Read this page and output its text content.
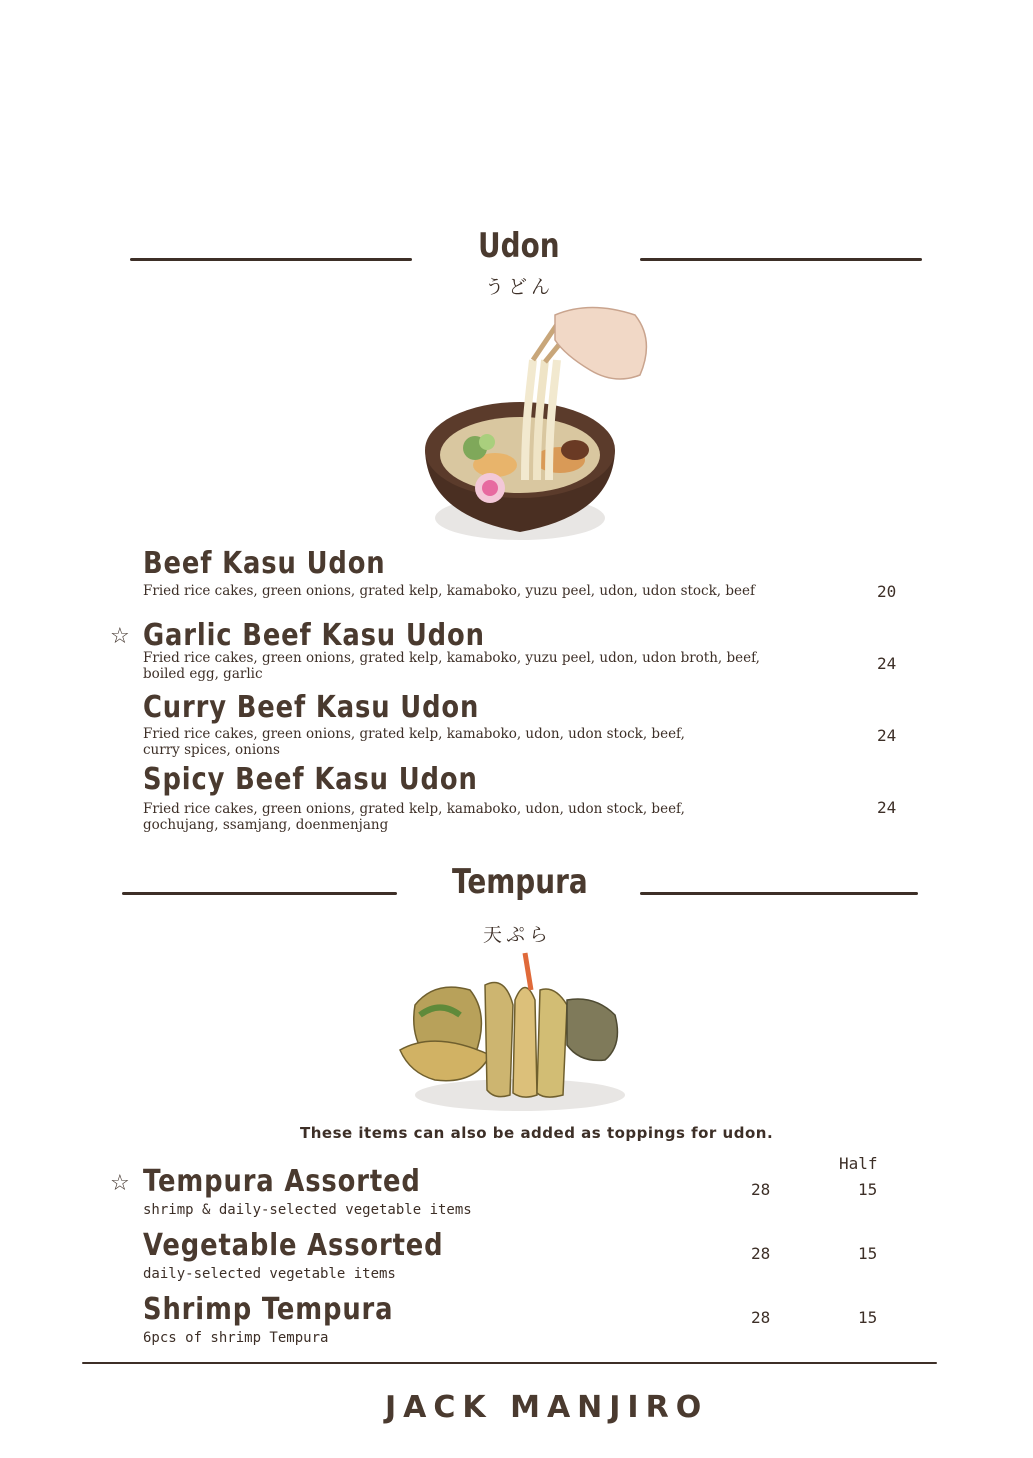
Udon
うどん
Beef Kasu Udon
Fried rice cakes, green onions, grated kelp, kamaboko, yuzu peel, udon, udon stock, beef	20
☆ Garlic Beef Kasu Udon
Fried rice cakes, green onions, grated kelp, kamaboko, yuzu peel, udon, udon broth, beef,
boiled egg, garlic
24
Curry Beef Kasu Udon
Fried rice cakes, green onions, grated kelp, kamaboko, udon, udon stock, beef,
curry spices, onions
24
Spicy Beef Kasu Udon
Fried rice cakes, green onions, grated kelp, kamaboko, udon, udon stock, beef,
gochujang, ssamjang, doenmenjang
24
Tempura
天ぷら
These items can also be added as toppings for udon.
Half
☆ Tempura Assorted
shrimp & daily-selected vegetable items
28	15
Vegetable Assorted
daily-selected vegetable items
28	15
Shrimp Tempura
6pcs of shrimp Tempura
28	15
JACK MANJIRO
